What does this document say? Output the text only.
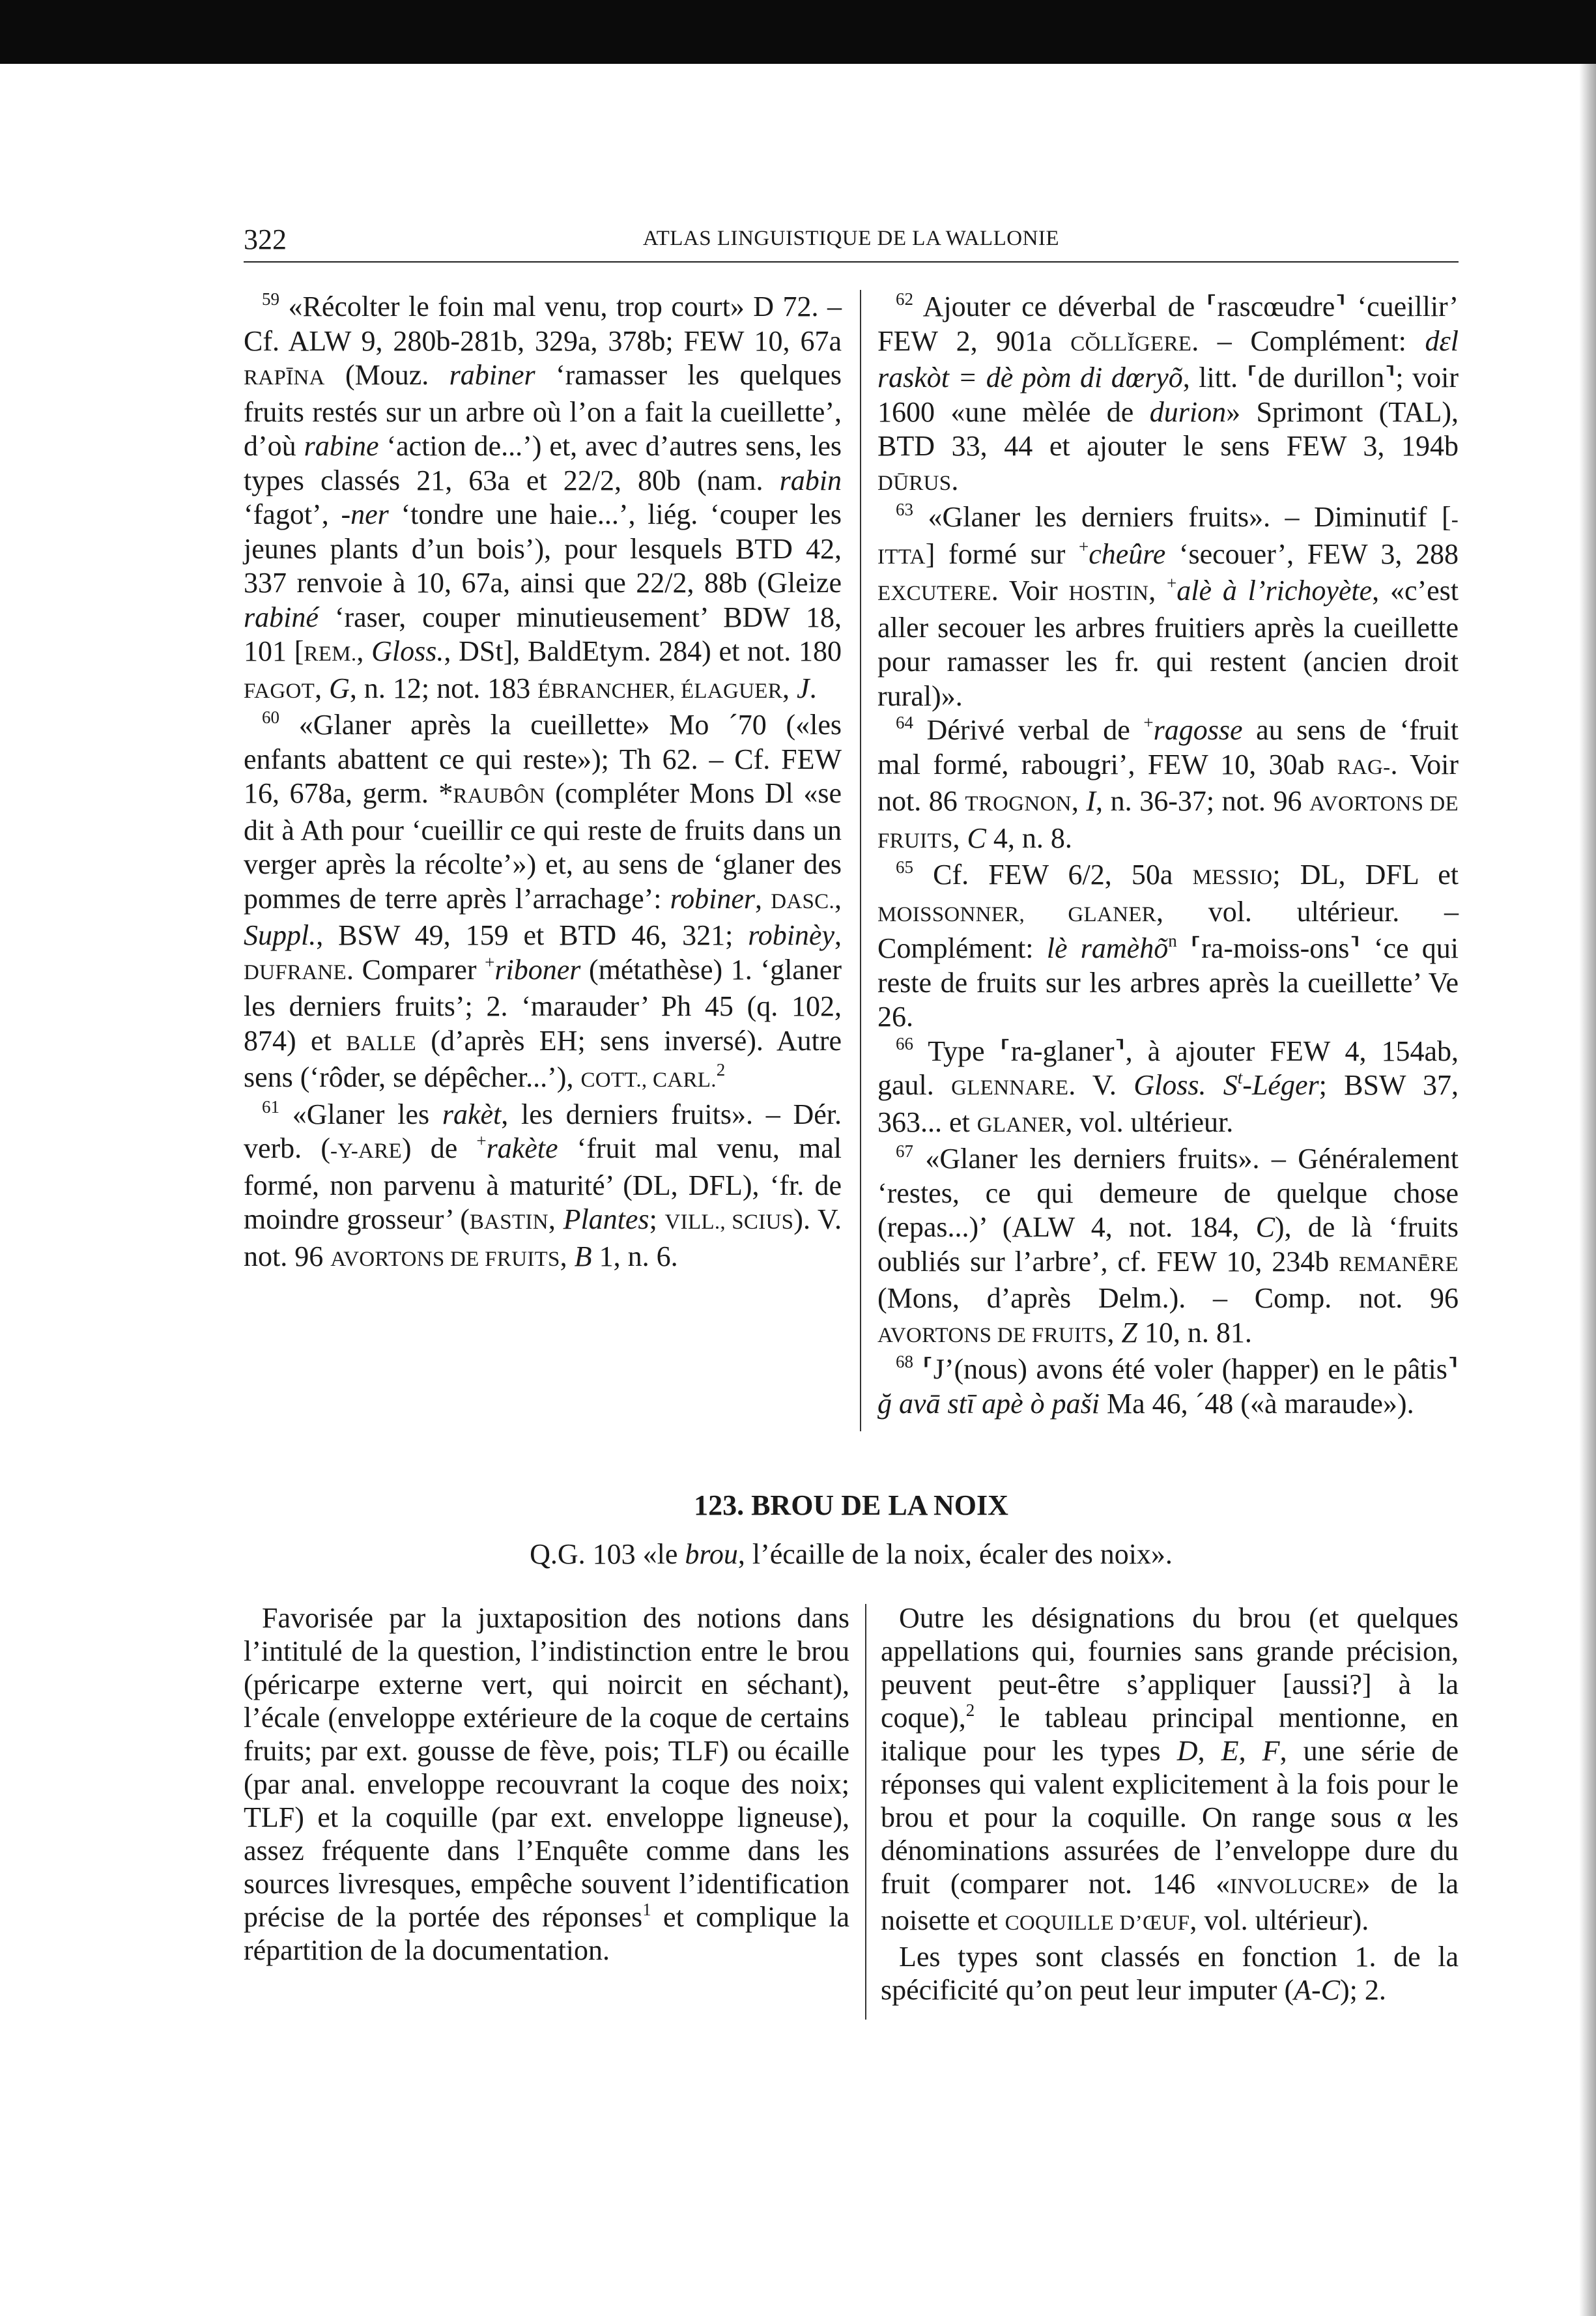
322	ATLAS LINGUISTIQUE DE LA WALLONIE

$^{59}$ «Récolter le foin mal venu, trop court» D 72. – Cf. ALW 9, 280b-281b, 329a, 378b; FEW 10, 67a RAPĪNA (Mouz. rabiner ‘ramasser les quelques fruits restés sur un arbre où l’on a fait la cueillette’, d’où rabine ‘action de...’) et, avec d’autres sens, les types classés 21, 63a et 22/2, 80b (nam. rabin ‘fagot’, -ner ‘tondre une haie...’, liég. ‘couper les jeunes plants d’un bois’), pour lesquels BTD 42, 337 renvoie à 10, 67a, ainsi que 22/2, 88b (Gleize rabiné ‘raser, couper minutieusement’ BDW 18, 101 [REM., Gloss., DSt], BaldEtym. 284) et not. 180 FAGOT, G, n. 12; not. 183 ÉBRANCHER, ÉLAGUER, J.

$^{60}$ «Glaner après la cueillette» Mo ´70 («les enfants abattent ce qui reste»); Th 62. – Cf. FEW 16, 678a, germ. *RAUBÔN (compléter Mons Dl «se dit à Ath pour ‘cueillir ce qui reste de fruits dans un verger après la récolte’») et, au sens de ‘glaner des pommes de terre après l’arrachage’: robiner, DASC., Suppl., BSW 49, 159 et BTD 46, 321; robinèy, DUFRANE. Comparer +riboner (métathèse) 1. ‘glaner les derniers fruits’; 2. ‘marauder’ Ph 45 (q. 102, 874) et BALLE (d’après EH; sens inversé). Autre sens (‘rôder, se dépêcher...’), COTT., CARL.$^2$

$^{61}$ «Glaner les rakèt, les derniers fruits». – Dér. verb. (-Y-ARE) de +rakète ‘fruit mal venu, mal formé, non parvenu à maturité’ (DL, DFL), ‘fr. de moindre grosseur’ (BASTIN, Plantes; VILL., SCIUS). V. not. 96 AVORTONS DE FRUITS, B 1, n. 6.

$^{62}$ Ajouter ce déverbal de ⸢rascœudre⸣ ‘cueillir’ FEW 2, 901a CŎLLĬGERE. – Complément: dɛl raskòt = dè pòm di dœryõ, litt. ⸢de durillon⸣; voir 1600 «une mèlée de durion» Sprimont (TAL), BTD 33, 44 et ajouter le sens FEW 3, 194b DŪRUS.

$^{63}$ «Glaner les derniers fruits». – Diminutif [-ITTA] formé sur +cheûre ‘secouer’, FEW 3, 288 EXCUTERE. Voir HOSTIN, +alè à l’richoyète, «c’est aller secouer les arbres fruitiers après la cueillette pour ramasser les fr. qui restent (ancien droit rural)».

$^{64}$ Dérivé verbal de +ragosse au sens de ‘fruit mal formé, rabougri’, FEW 10, 30ab RAG-. Voir not. 86 TROGNON, I, n. 36-37; not. 96 AVORTONS DE FRUITS, C 4, n. 8.

$^{65}$ Cf. FEW 6/2, 50a MESSIO; DL, DFL et MOISSONNER, GLANER, vol. ultérieur. – Complément: lè ramèhõ$^n$ ⸢ra-moiss-ons⸣ ‘ce qui reste de fruits sur les arbres après la cueillette’ Ve 26.

$^{66}$ Type ⸢ra-glaner⸣, à ajouter FEW 4, 154ab, gaul. GLENNARE. V. Gloss. $S^t$-Léger; BSW 37, 363... et GLANER, vol. ultérieur.

$^{67}$ «Glaner les derniers fruits». – Généralement ‘restes, ce qui demeure de quelque chose (repas...)’ (ALW 4, not. 184, C), de là ‘fruits oubliés sur l’arbre’, cf. FEW 10, 234b REMANĒRE (Mons, d’après Delm.). – Comp. not. 96 AVORTONS DE FRUITS, Z 10, n. 81.

$^{68}$ ⸢J’(nous) avons été voler (happer) en le pâtis⸣ ğ avā stī apè ò paši Ma 46, ´48 («à maraude»).

123. BROU DE LA NOIX
Q.G. 103 «le brou, l’écaille de la noix, écaler des noix».

Favorisée par la juxtaposition des notions dans l’intitulé de la question, l’indistinction entre le brou (péricarpe externe vert, qui noircit en séchant), l’écale (enveloppe extérieure de la coque de certains fruits; par ext. gousse de fève, pois; TLF) ou écaille (par anal. enveloppe recouvrant la coque des noix; TLF) et la coquille (par ext. enveloppe ligneuse), assez fréquente dans l’Enquête comme dans les sources livresques, empêche souvent l’identification précise de la portée des réponses$^1$ et complique la répartition de la documentation.

Outre les désignations du brou (et quelques appellations qui, fournies sans grande précision, peuvent peut-être s’appliquer [aussi?] à la coque),$^2$ le tableau principal mentionne, en italique pour les types D, E, F, une série de réponses qui valent explicitement à la fois pour le brou et pour la coquille. On range sous α les dénominations assurées de l’enveloppe dure du fruit (comparer not. 146 «INVOLUCRE» de la noisette et COQUILLE D’ŒUF, vol. ultérieur).

Les types sont classés en fonction 1. de la spécificité qu’on peut leur imputer (A-C); 2.
